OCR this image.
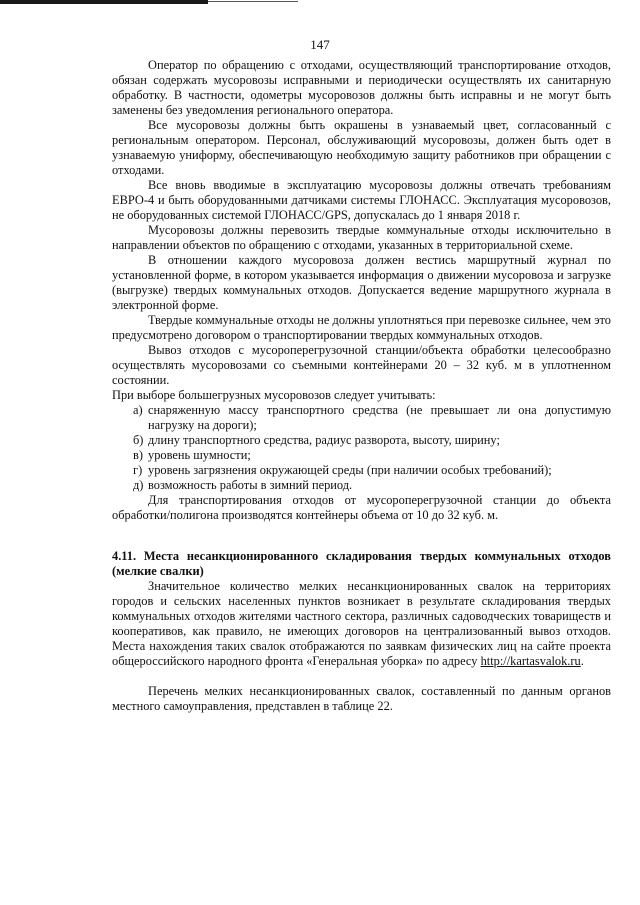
147

Оператор по обращению с отходами, осуществляющий транспортирование отходов, обязан содержать мусоровозы исправными и периодически осуществлять их санитарную обработку. В частности, одометры мусоровозов должны быть исправны и не могут быть заменены без уведомления регионального оператора.

Все мусоровозы должны быть окрашены в узнаваемый цвет, согласованный с региональным оператором. Персонал, обслуживающий мусоровозы, должен быть одет в узнаваемую униформу, обеспечивающую необходимую защиту работников при обращении с отходами.

Все вновь вводимые в эксплуатацию мусоровозы должны отвечать требованиям ЕВРО-4 и быть оборудованными датчиками системы ГЛОНАСС. Эксплуатация мусоровозов, не оборудованных системой ГЛОНАСС/GPS, допускалась до 1 января 2018 г.

Мусоровозы должны перевозить твердые коммунальные отходы исключительно в направлении объектов по обращению с отходами, указанных в территориальной схеме.

В отношении каждого мусоровоза должен вестись маршрутный журнал по установленной форме, в котором указывается информация о движении мусоровоза и загрузке (выгрузке) твердых коммунальных отходов. Допускается ведение маршрутного журнала в электронной форме.

Твердые коммунальные отходы не должны уплотняться при перевозке сильнее, чем это предусмотрено договором о транспортировании твердых коммунальных отходов.

Вывоз отходов с мусороперегрузочной станции/объекта обработки целесообразно осуществлять мусоровозами со съемными контейнерами 20 – 32 куб. м в уплотненном состоянии.

При выборе большегрузных мусоровозов следует учитывать:

а) снаряженную массу транспортного средства (не превышает ли она допустимую нагрузку на дороги);
б) длину транспортного средства, радиус разворота, высоту, ширину;
в) уровень шумности;
г) уровень загрязнения окружающей среды (при наличии особых требований);
д) возможность работы в зимний период.

Для транспортирования отходов от мусороперегрузочной станции до объекта обработки/полигона производятся контейнеры объема от 10 до 32 куб. м.

4.11. Места несанкционированного складирования твердых коммунальных отходов (мелкие свалки)

Значительное количество мелких несанкционированных свалок на территориях городов и сельских населенных пунктов возникает в результате складирования твердых коммунальных отходов жителями частного сектора, различных садоводческих товариществ и кооперативов, как правило, не имеющих договоров на централизованный вывоз отходов. Места нахождения таких свалок отображаются по заявкам физических лиц на сайте проекта общероссийского народного фронта «Генеральная уборка» по адресу http://kartasvalok.ru.

Перечень мелких несанкционированных свалок, составленный по данным органов местного самоуправления, представлен в таблице 22.
